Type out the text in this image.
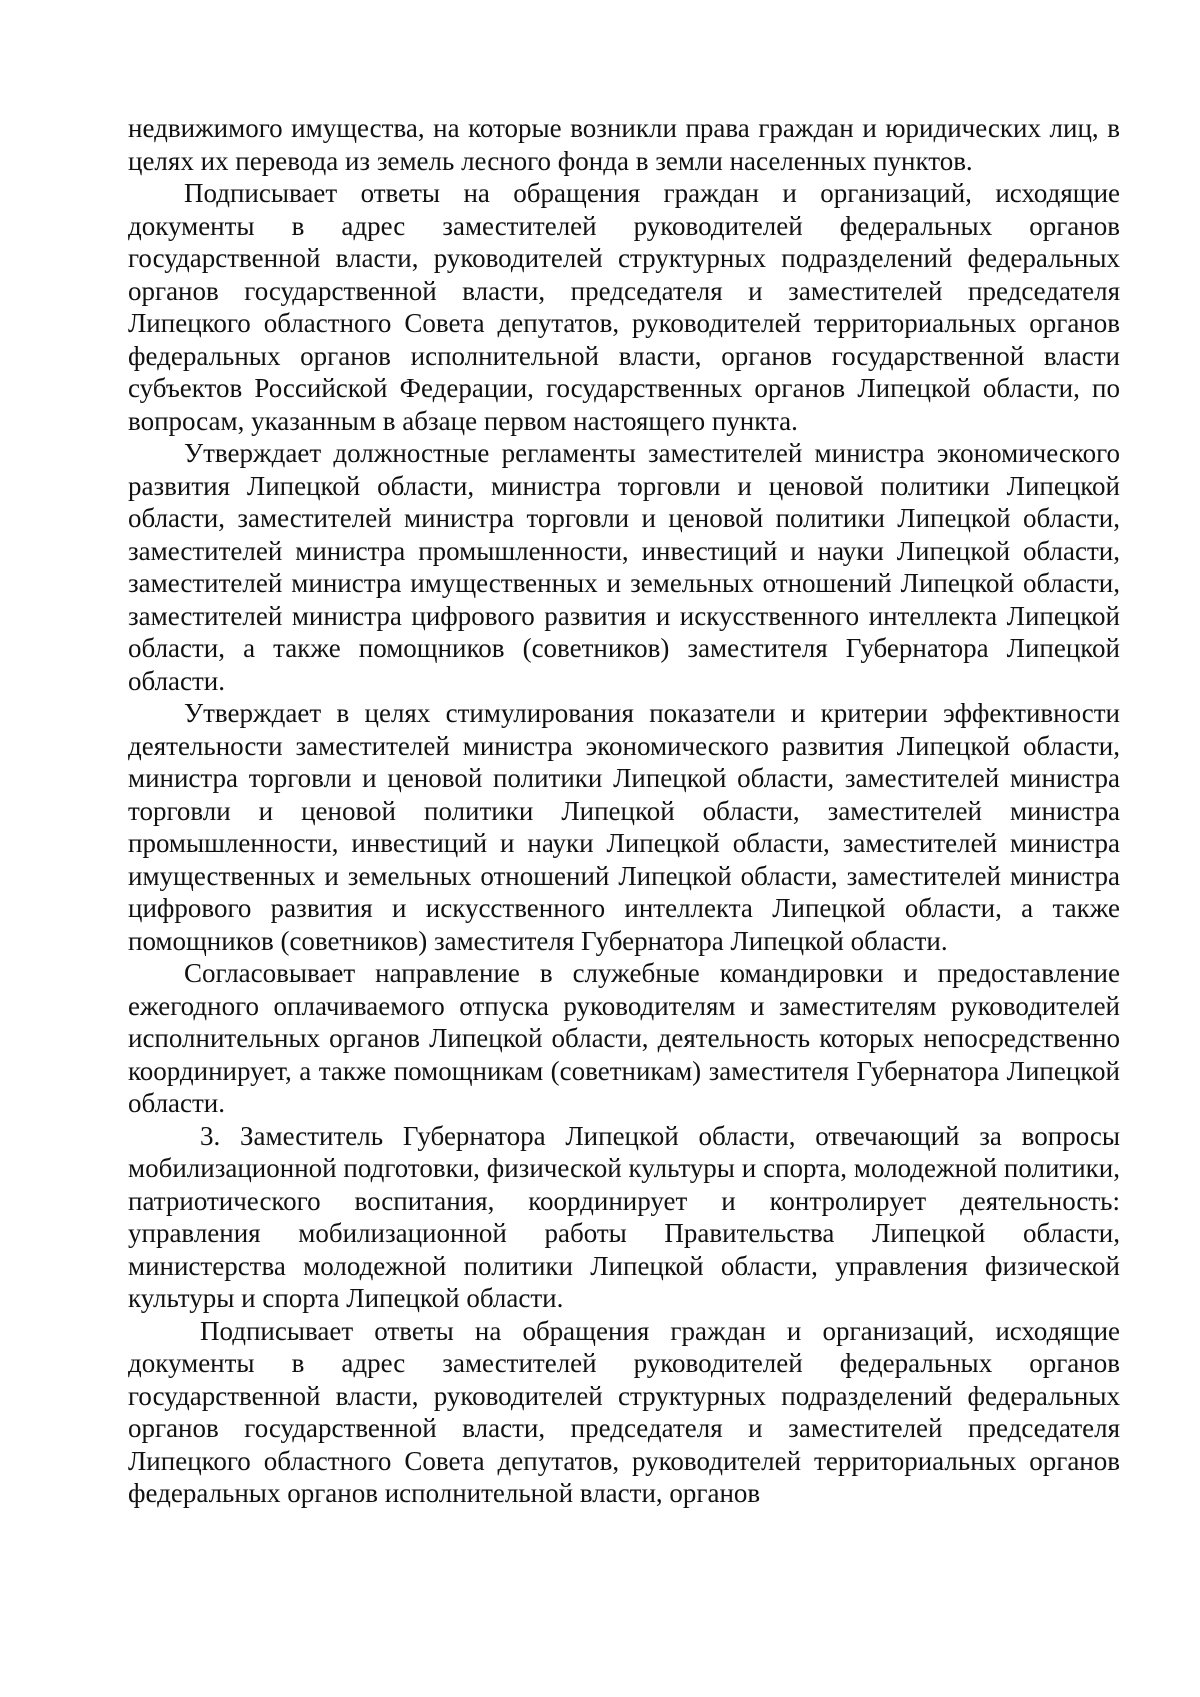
недвижимого имущества, на которые возникли права граждан и юридических лиц, в целях их перевода из земель лесного фонда в земли населенных пунктов.

Подписывает ответы на обращения граждан и организаций, исходящие документы в адрес заместителей руководителей федеральных органов государственной власти, руководителей структурных подразделений федеральных органов государственной власти, председателя и заместителей председателя Липецкого областного Совета депутатов, руководителей территориальных органов федеральных органов исполнительной власти, органов государственной власти субъектов Российской Федерации, государственных органов Липецкой области, по вопросам, указанным в абзаце первом настоящего пункта.

Утверждает должностные регламенты заместителей министра экономического развития Липецкой области, министра торговли и ценовой политики Липецкой области, заместителей министра торговли и ценовой политики Липецкой области, заместителей министра промышленности, инвестиций и науки Липецкой области, заместителей министра имущественных и земельных отношений Липецкой области, заместителей министра цифрового развития и искусственного интеллекта Липецкой области, а также помощников (советников) заместителя Губернатора Липецкой области.

Утверждает в целях стимулирования показатели и критерии эффективности деятельности заместителей министра экономического развития Липецкой области, министра торговли и ценовой политики Липецкой области, заместителей министра торговли и ценовой политики Липецкой области, заместителей министра промышленности, инвестиций и науки Липецкой области, заместителей министра имущественных и земельных отношений Липецкой области, заместителей министра цифрового развития и искусственного интеллекта Липецкой области, а также помощников (советников) заместителя Губернатора Липецкой области.

Согласовывает направление в служебные командировки и предоставление ежегодного оплачиваемого отпуска руководителям и заместителям руководителей исполнительных органов Липецкой области, деятельность которых непосредственно координирует, а также помощникам (советникам) заместителя Губернатора Липецкой области.

3. Заместитель Губернатора Липецкой области, отвечающий за вопросы мобилизационной подготовки, физической культуры и спорта, молодежной политики, патриотического воспитания, координирует и контролирует деятельность: управления мобилизационной работы Правительства Липецкой области, министерства молодежной политики Липецкой области, управления физической культуры и спорта Липецкой области.

Подписывает ответы на обращения граждан и организаций, исходящие документы в адрес заместителей руководителей федеральных органов государственной власти, руководителей структурных подразделений федеральных органов государственной власти, председателя и заместителей председателя Липецкого областного Совета депутатов, руководителей территориальных органов федеральных органов исполнительной власти, органов
